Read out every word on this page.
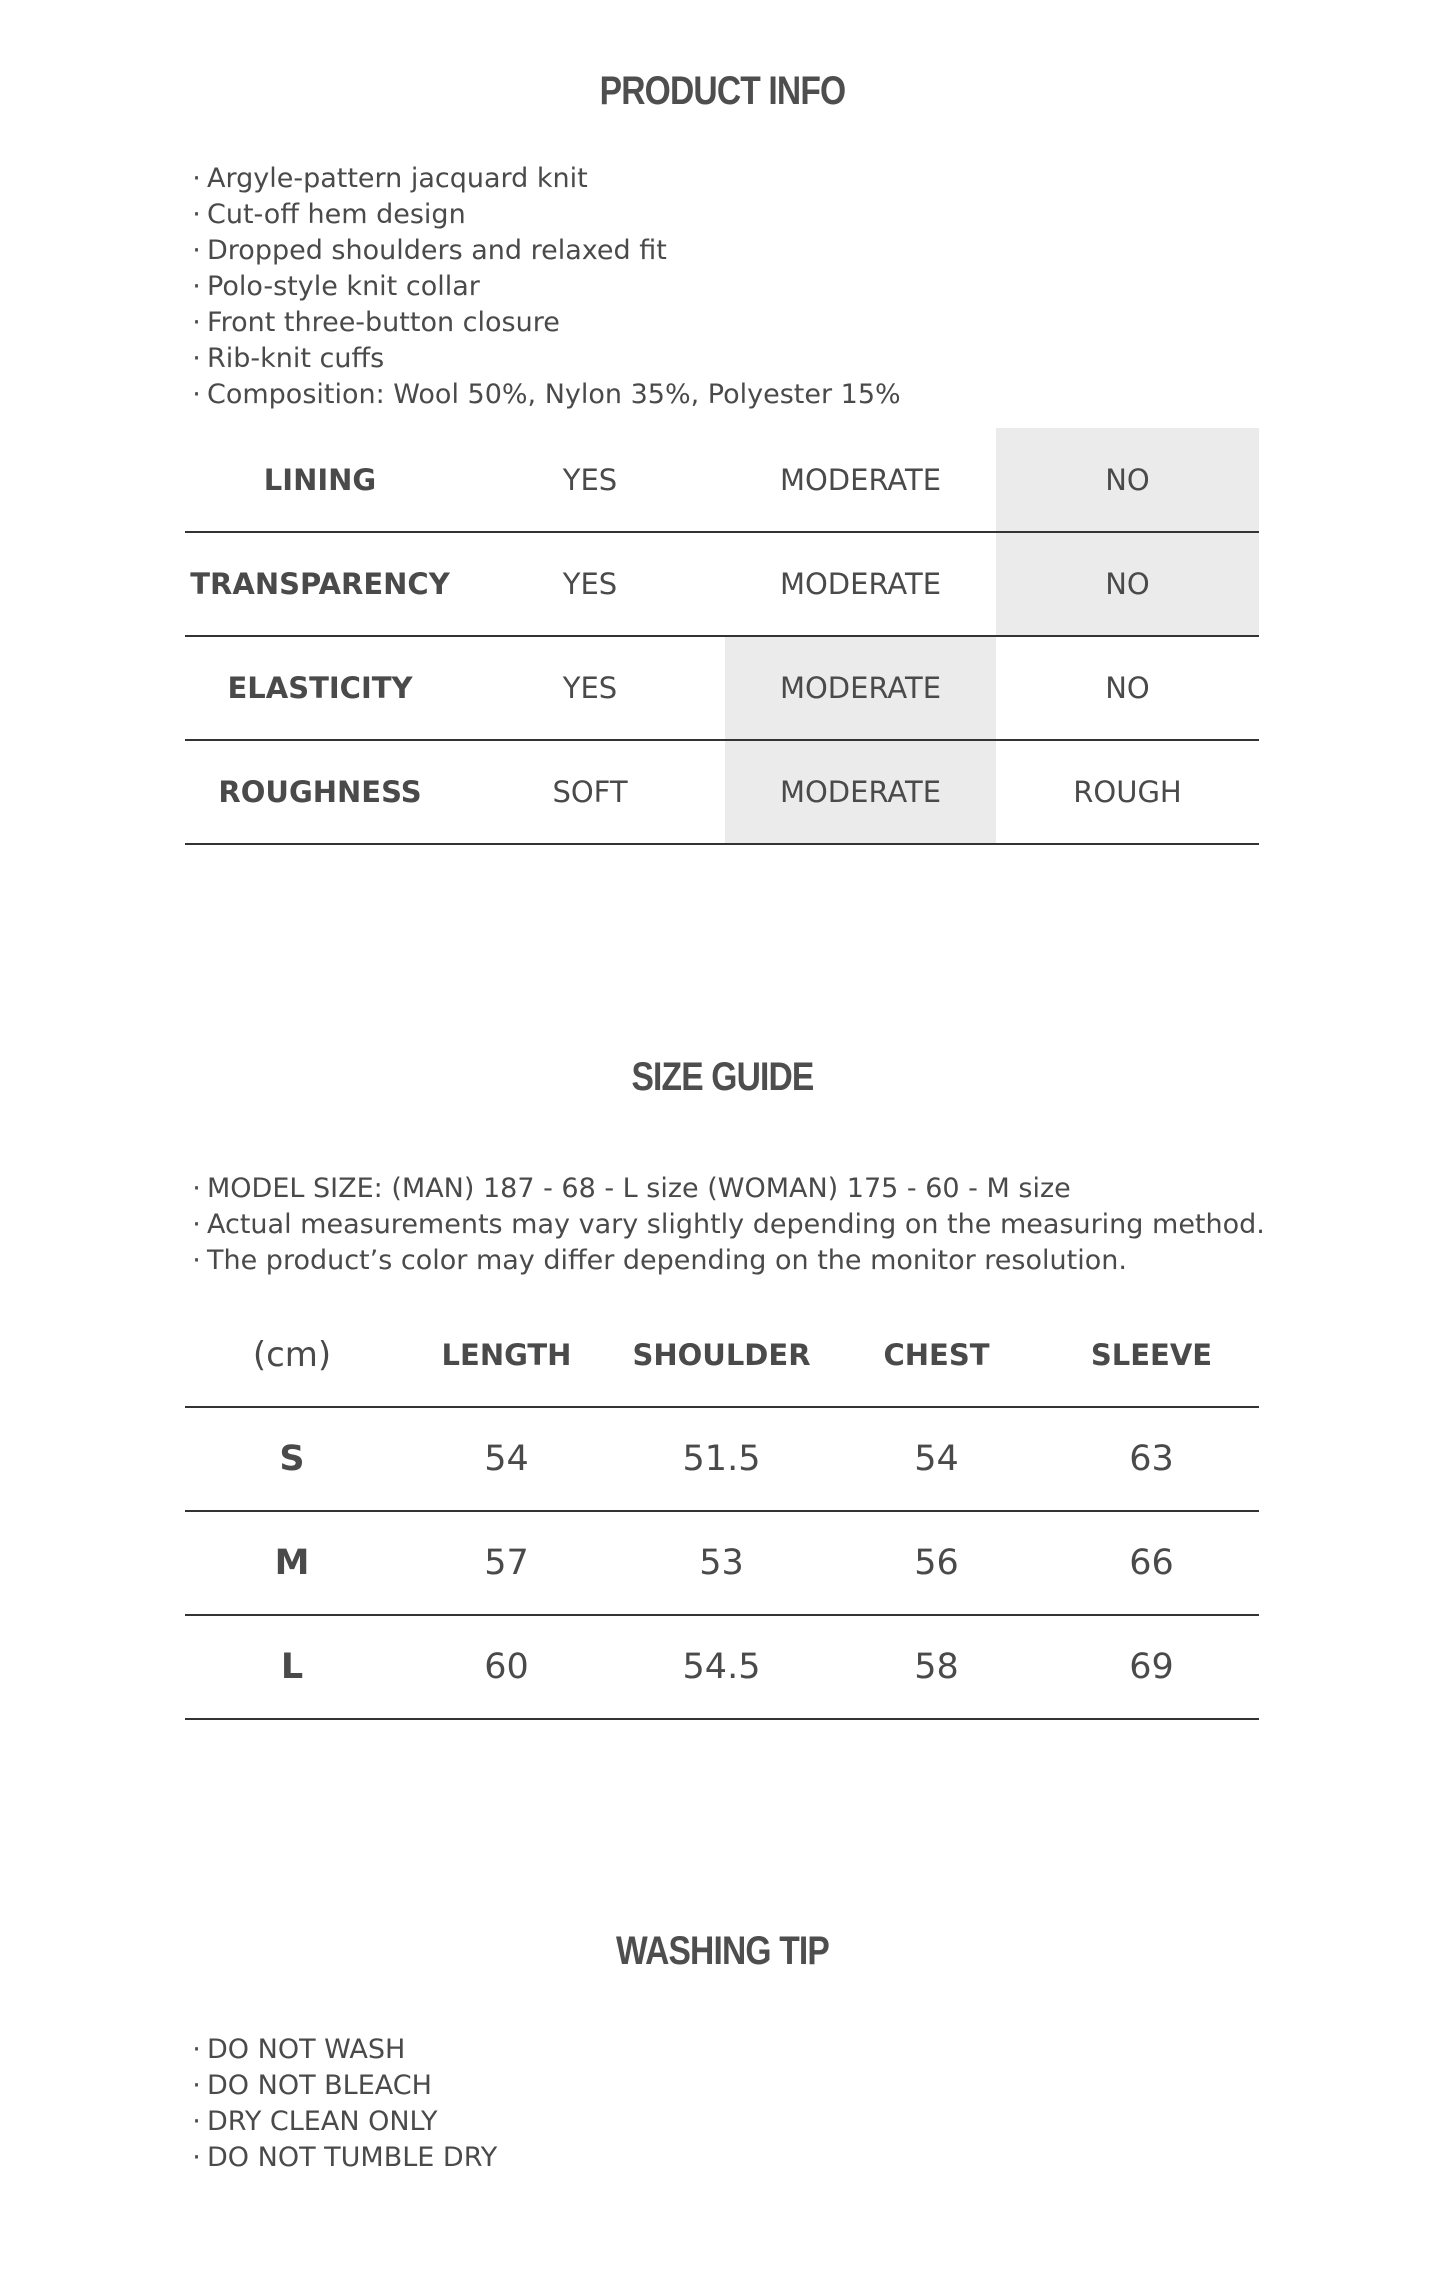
PRODUCT INFO
· Argyle-pattern jacquard knit
· Cut-off hem design
· Dropped shoulders and relaxed fit
· Polo-style knit collar
· Front three-button closure
· Rib-knit cuffs
· Composition: Wool 50%, Nylon 35%, Polyester 15%
LINING	YES	MODERATE	NO
TRANSPARENCY	YES	MODERATE	NO
ELASTICITY	YES	MODERATE	NO
ROUGHNESS	SOFT	MODERATE	ROUGH
SIZE GUIDE
· MODEL SIZE: (MAN) 187 - 68 - L size (WOMAN) 175 - 60 - M size
· Actual measurements may vary slightly depending on the measuring method.
· The product’s color may differ depending on the monitor resolution.
(cm)	LENGTH	SHOULDER	CHEST	SLEEVE
S	54	51.5	54	63
M	57	53	56	66
L	60	54.5	58	69
WASHING TIP
· DO NOT WASH
· DO NOT BLEACH
· DRY CLEAN ONLY
· DO NOT TUMBLE DRY
